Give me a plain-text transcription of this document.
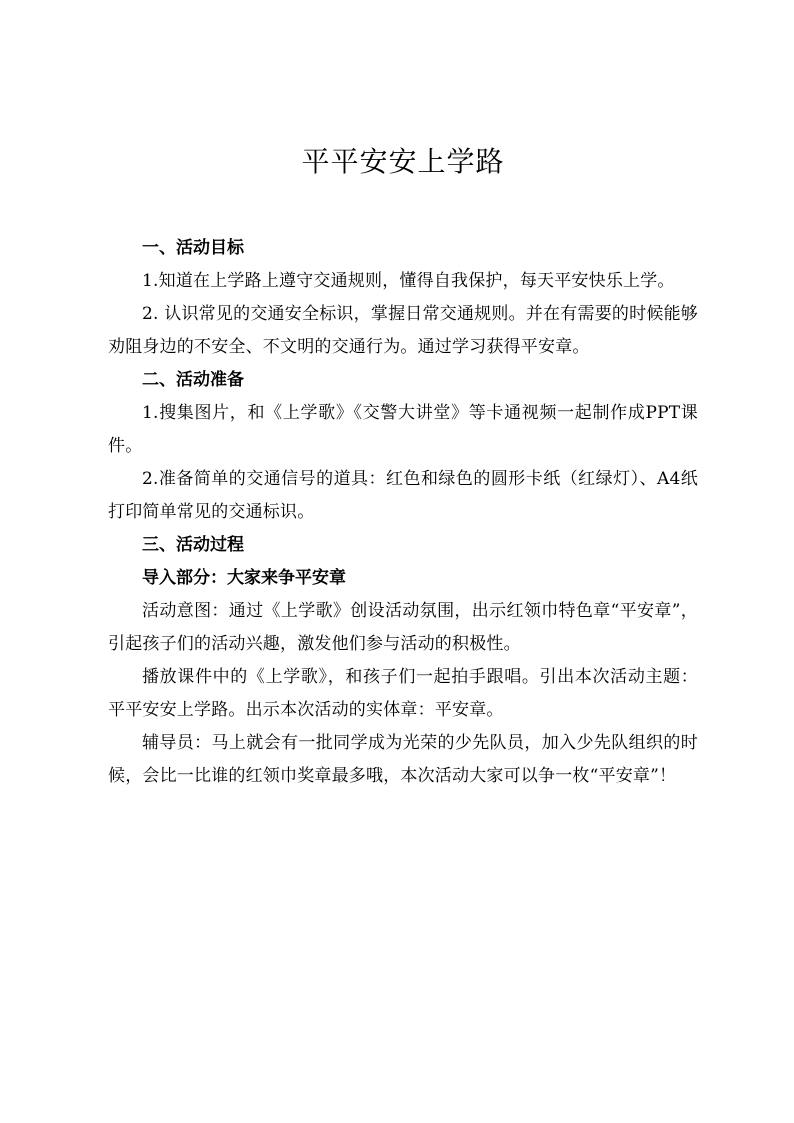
平平安安上学路

一、活动目标

1.知道在上学路上遵守交通规则，懂得自我保护，每天平安快乐上学。

2. 认识常见的交通安全标识，掌握日常交通规则。并在有需要的时候能够劝阻身边的不安全、不文明的交通行为。通过学习获得平安章。

二、活动准备

1.搜集图片，和《上学歌》《交警大讲堂》等卡通视频一起制作成PPT课件。

2.准备简单的交通信号的道具：红色和绿色的圆形卡纸（红绿灯）、A4纸打印简单常见的交通标识。

三、活动过程

导入部分：大家来争平安章

活动意图：通过《上学歌》创设活动氛围，出示红领巾特色章“平安章”，引起孩子们的活动兴趣，激发他们参与活动的积极性。

播放课件中的《上学歌》，和孩子们一起拍手跟唱。引出本次活动主题：平平安安上学路。出示本次活动的实体章：平安章。

辅导员：马上就会有一批同学成为光荣的少先队员，加入少先队组织的时候，会比一比谁的红领巾奖章最多哦，本次活动大家可以争一枚“平安章”！
